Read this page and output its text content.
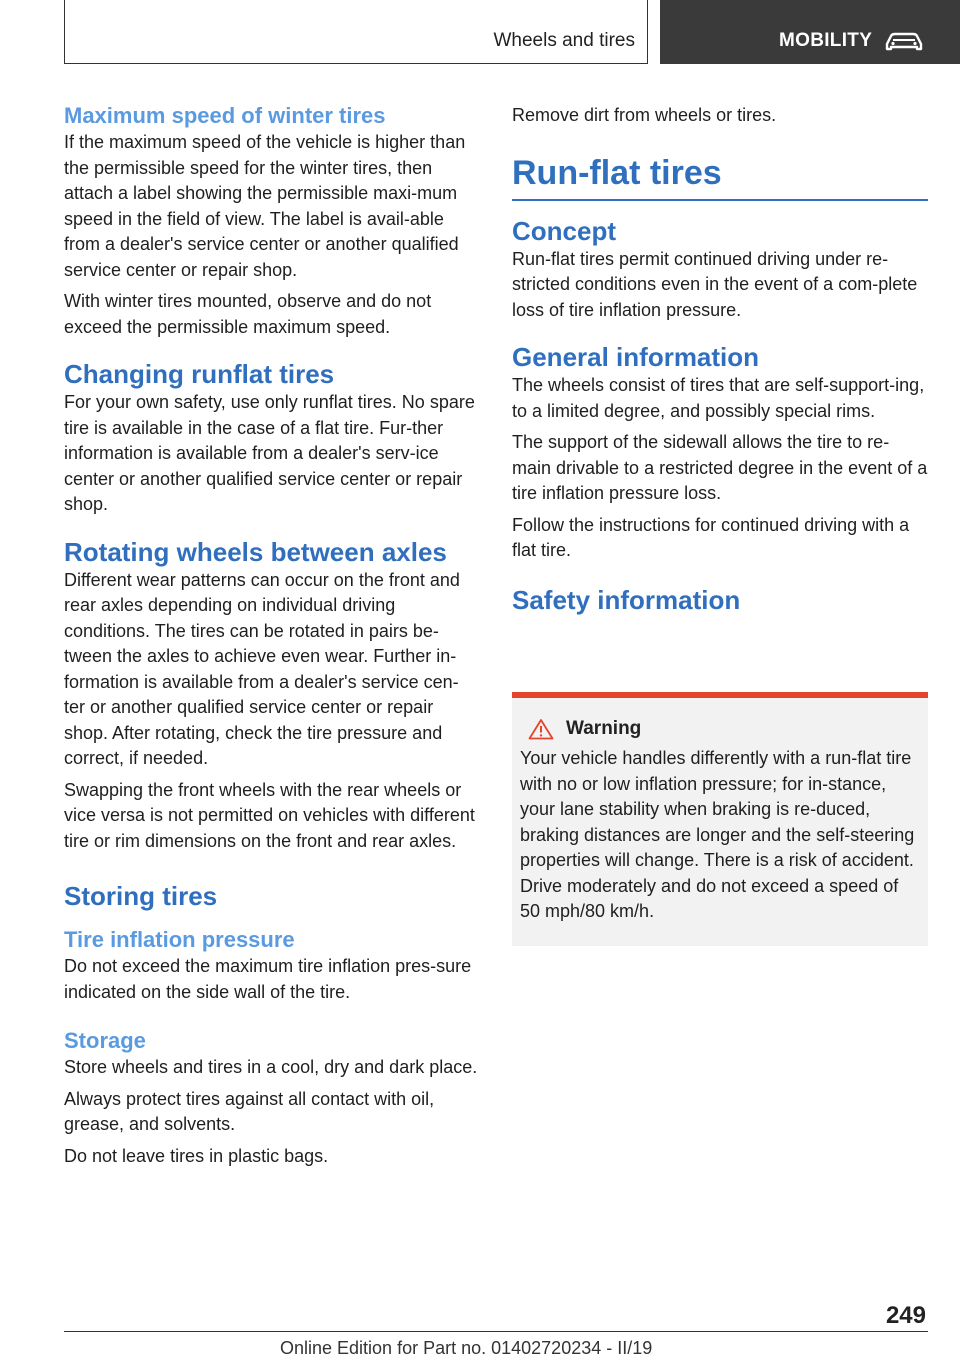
Wheels and tires	MOBILITY
Maximum speed of winter tires

If the maximum speed of the vehicle is higher than the permissible speed for the winter tires, then attach a label showing the permissible maxi‐mum speed in the field of view. The label is avail‐able from a dealer's service center or another qualified service center or repair shop.

With winter tires mounted, observe and do not exceed the permissible maximum speed.

Changing runflat tires

For your own safety, use only runflat tires. No spare tire is available in the case of a flat tire. Fur‐ther information is available from a dealer's serv‐ice center or another qualified service center or repair shop.

Rotating wheels between axles

Different wear patterns can occur on the front and rear axles depending on individual driving conditions. The tires can be rotated in pairs be‐tween the axles to achieve even wear. Further in‐formation is available from a dealer's service cen‐ter or another qualified service center or repair shop. After rotating, check the tire pressure and correct, if needed.

Swapping the front wheels with the rear wheels or vice versa is not permitted on vehicles with different tire or rim dimensions on the front and rear axles.

Storing tires
Tire inflation pressure

Do not exceed the maximum tire inflation pres‐sure indicated on the side wall of the tire.

Storage

Store wheels and tires in a cool, dry and dark place.

Always protect tires against all contact with oil, grease, and solvents.

Do not leave tires in plastic bags.

Remove dirt from wheels or tires.

Run-flat tires
Concept

Run-flat tires permit continued driving under re‐stricted conditions even in the event of a com‐plete loss of tire inflation pressure.

General information

The wheels consist of tires that are self-support‐ing, to a limited degree, and possibly special rims.

The support of the sidewall allows the tire to re‐main drivable to a restricted degree in the event of a tire inflation pressure loss.

Follow the instructions for continued driving with a flat tire.

Safety information
Warning
Your vehicle handles differently with a run-flat tire with no or low inflation pressure; for in‐stance, your lane stability when braking is re‐duced, braking distances are longer and the self-steering properties will change. There is a risk of accident. Drive moderately and do not exceed a speed of 50 mph/80 km/h.
249
Online Edition for Part no. 01402720234 - II/19
